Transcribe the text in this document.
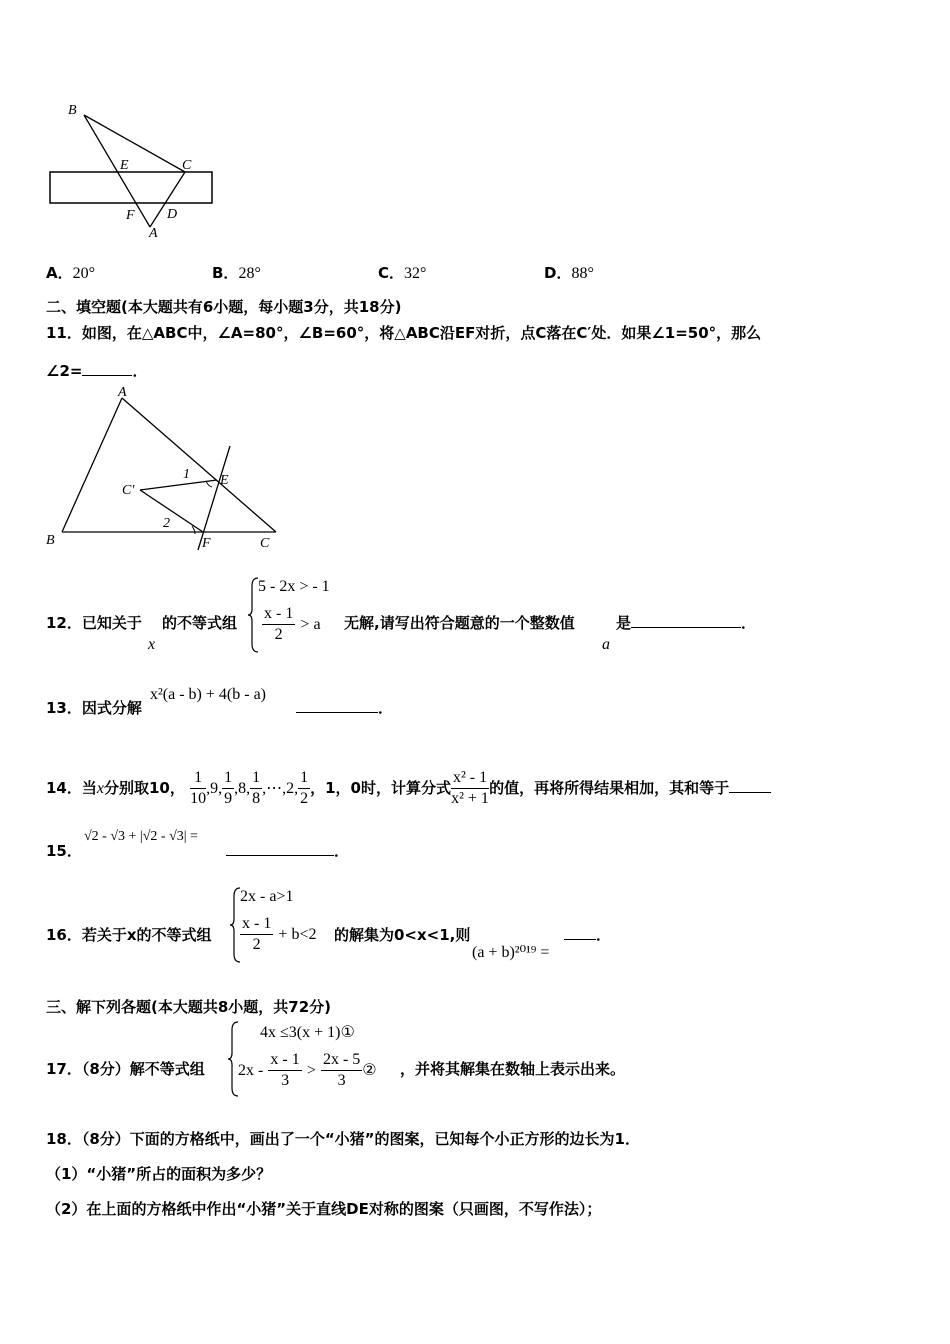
B
E	C
F D
A
A．20°	B．28°	C．32°	D．88°
二、填空题(本大题共有6小题，每小题3分，共18分)
11．如图，在△ABC中，∠A=80°，∠B=60°，将△ABC沿EF对折，点C落在C′处．如果∠1=50°，那么
∠2=	．
A
E
C′
1
2
B	F	C
12．已知关于
x
的不等式组
5 - 2x > - 1
$\frac{x - 1}{2} > a$ 无解,请写出符合题意的一个整数值
a
是	．
13．因式分解
x²(a - b) + 4(b - a)
．
14．当x分别取10， $\frac{1}{10} ,9$, $\frac{1}{9} ,8$, $\frac{1}{8}$ ,⋯,2, $\frac{1}{2}$ ，1，0时，计算分式 $\frac{\text{x² - 1}}{\text{x² + 1}}$ 的值，再将所得结果相加，其和等于
15．
√2 - √3 + |√2 - √3| =
．
16．若关于x的不等式组
2x - a>1
$\frac{x - 1}{2} + b<2$ 的解集为0<x<1,则
(a + b)²⁰¹⁹ =
．
三、解下列各题(本大题共8小题，共72分)
17．（8分）解不等式组
4x ≤3(x + 1)①
$2x - \frac{x - 1}{3} > \frac{2x - 5}{3}$ ② ，并将其解集在数轴上表示出来。
18．（8分）下面的方格纸中，画出了一个“小猪”的图案，已知每个小正方形的边长为1．
（1）“小猪”所占的面积为多少？
（2）在上面的方格纸中作出“小猪”关于直线DE对称的图案（只画图，不写作法）；
